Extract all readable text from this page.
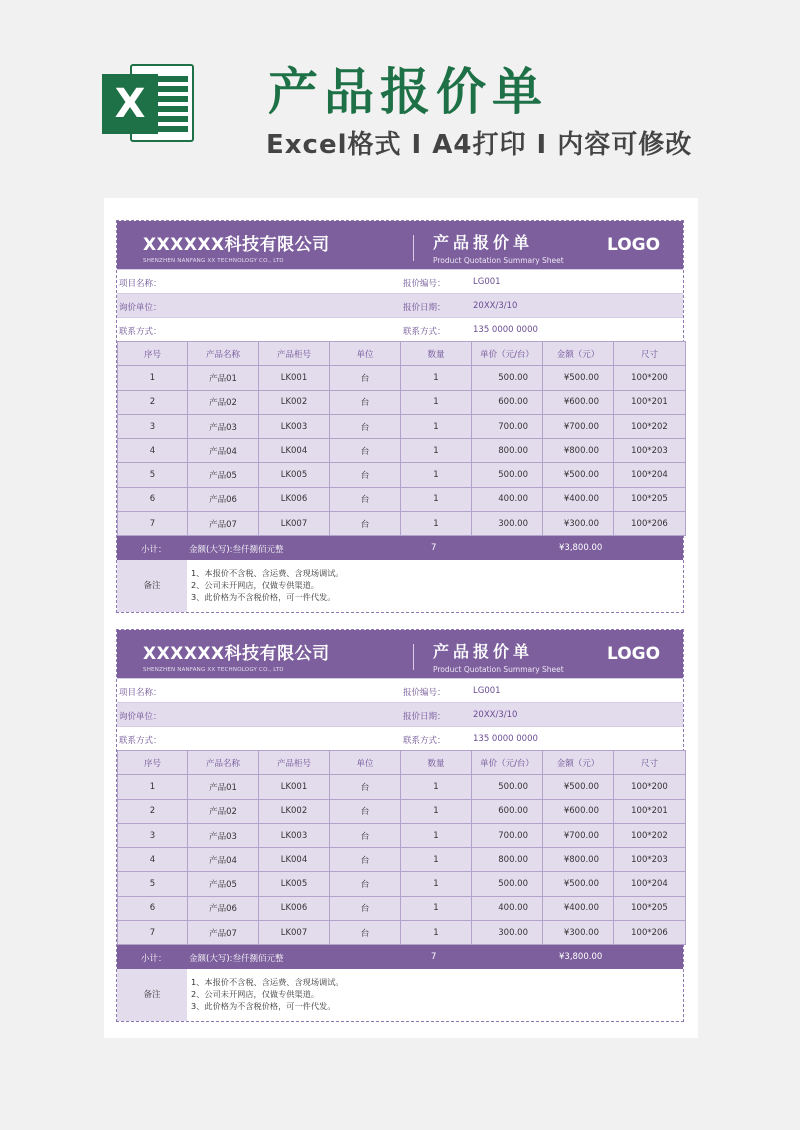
X 产品报价单
Excel格式 I A4打印 I 内容可修改
XXXXXX科技有限公司
SHENZHEN NANFANG XX TECHNOLOGY CO., LTD
产品报价单
Product Quotation Summary Sheet
LOGO
项目名称：	报价编号：	LG001
询价单位：	报价日期：	20XX/3/10
联系方式：	联系方式：	135 0000 0000
序号	产品名称	产品柜号	单位	数量	单价（元/台）	金额（元）	尺寸
1	产品01	LK001	台	1	500.00	¥500.00	100*200
2	产品02	LK002	台	1	600.00	¥600.00	100*201
3	产品03	LK003	台	1	700.00	¥700.00	100*202
4	产品04	LK004	台	1	800.00	¥800.00	100*203
5	产品05	LK005	台	1	500.00	¥500.00	100*204
6	产品06	LK006	台	1	400.00	¥400.00	100*205
7	产品07	LK007	台	1	300.00	¥300.00	100*206
小计：	金额(大写):叁仟捌佰元整	7	¥3,800.00
备注
1、本报价不含税、含运费、含现场调试。
2、公司未开网店，仅做专供渠道。
3、此价格为不含税价格，可一件代发。
XXXXXX科技有限公司
SHENZHEN NANFANG XX TECHNOLOGY CO., LTD
产品报价单
Product Quotation Summary Sheet
LOGO
项目名称：	报价编号：	LG001
询价单位：	报价日期：	20XX/3/10
联系方式：	联系方式：	135 0000 0000
序号	产品名称	产品柜号	单位	数量	单价（元/台）	金额（元）	尺寸
1	产品01	LK001	台	1	500.00	¥500.00	100*200
2	产品02	LK002	台	1	600.00	¥600.00	100*201
3	产品03	LK003	台	1	700.00	¥700.00	100*202
4	产品04	LK004	台	1	800.00	¥800.00	100*203
5	产品05	LK005	台	1	500.00	¥500.00	100*204
6	产品06	LK006	台	1	400.00	¥400.00	100*205
7	产品07	LK007	台	1	300.00	¥300.00	100*206
小计：	金额(大写):叁仟捌佰元整	7	¥3,800.00
备注
1、本报价不含税、含运费、含现场调试。
2、公司未开网店，仅做专供渠道。
3、此价格为不含税价格，可一件代发。
